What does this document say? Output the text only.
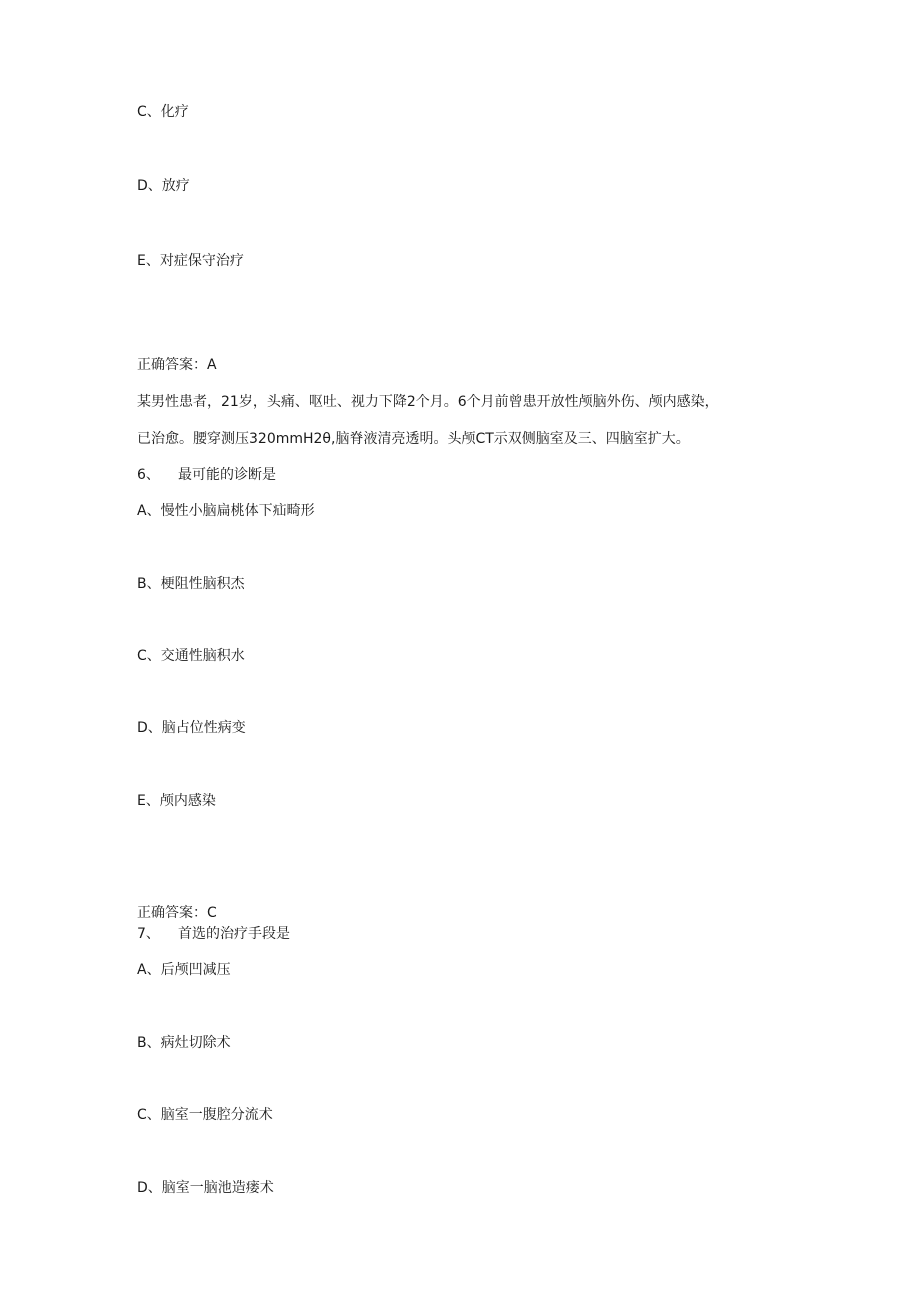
C、化疗
D、放疗
E、对症保守治疗
正确答案：A
某男性患者，21岁，头痛、呕吐、视力下降2个月。6个月前曾患开放性颅脑外伤、颅内感染，
已治愈。腰穿测压320mmH2θ,脑脊液清亮透明。头颅CT示双侧脑室及三、四脑室扩大。
6、 最可能的诊断是
A、慢性小脑扁桃体下疝畸形
B、梗阻性脑积杰
C、交通性脑积水
D、脑占位性病变
E、颅内感染
正确答案：C
7、 首选的治疗手段是
A、后颅凹减压
B、病灶切除术
C、脑室一腹腔分流术
D、脑室一脑池造瘘术
